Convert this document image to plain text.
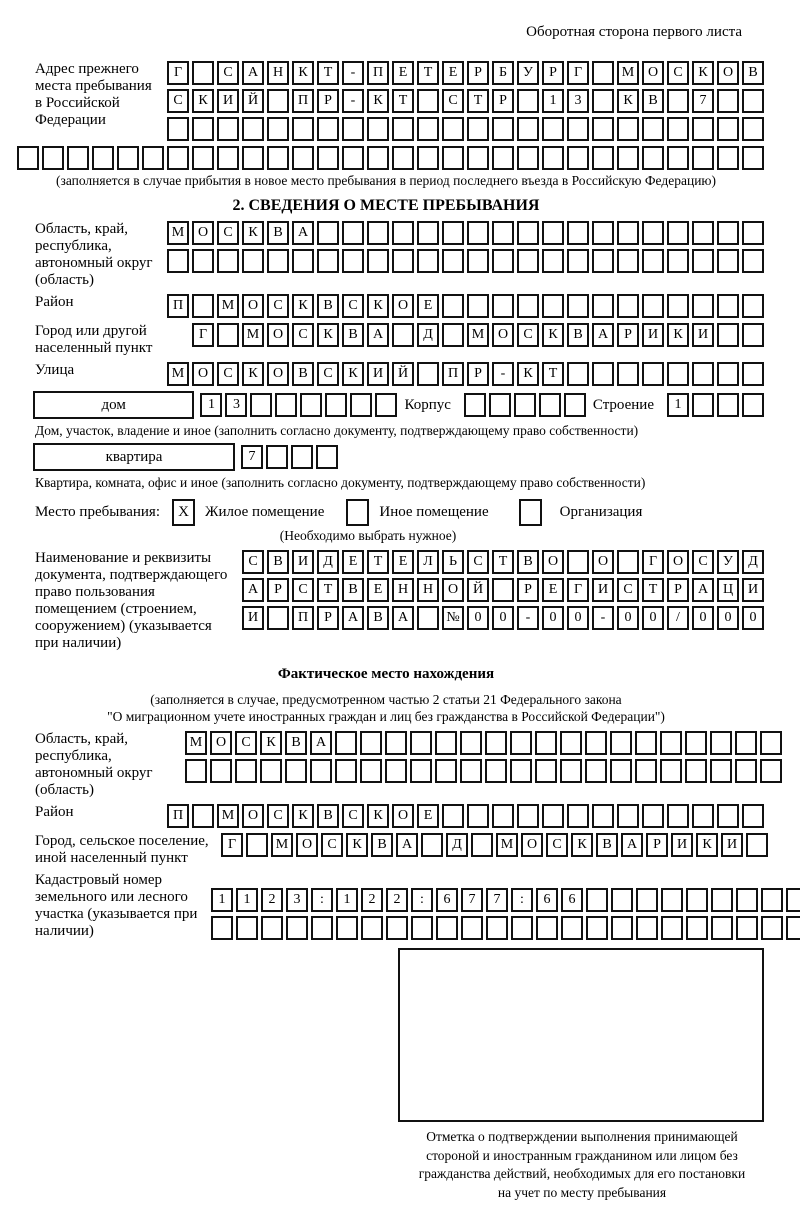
Оборотная сторона первого листа
Адрес прежнего места пребывания в Российской Федерации
Г	С	А	Н	К	Т	-	П	Е	Т	Е	Р	Б	У	Р	Г	М О	С	К	О	В
С	К	И	Й	П	Р	-	К	Т	С	Т	Р	1	3	К	В	7
(заполняется в случае прибытия в новое место пребывания в период последнего въезда в Российскую Федерацию)
2. СВЕДЕНИЯ О МЕСТЕ ПРЕБЫВАНИЯ
Область, край, республика, автономный округ (область)
М О	С	К	В	А
Район	П	М О	С	К	В	С	К	О	Е
Город или другой населенный пункт
Г	М О	С	К	В	А	Д	М О	С	К	В	А	Р	И	К	И
Улица	М О	С	К	О	В	С	К	И	Й	П	Р	-	К	Т
дом	1	3	Корпус	Строение	1
Дом, участок, владение и иное (заполнить согласно документу, подтверждающему право собственности)
квартира	7
Квартира, комната, офис и иное (заполнить согласно документу, подтверждающему право собственности)
Место пребывания:	X	Жилое помещение	Иное помещение	Организация
(Необходимо выбрать нужное)
Наименование и реквизиты документа, подтверждающего право пользования помещением (строением, сооружением) (указывается при наличии)
С	В	И	Д	Е	Т	Е	Л	Ь	С	Т	В	О	О	Г	О	С	У	Д
А	Р	С	Т	В	Е	Н	Н	О	Й	Р	Е	Г	И	С	Т	Р	А	Ц	И
И	П	Р	А	В	А	№	0	0	-	0	0	-	0	0	/	0	0	0
Фактическое место нахождения
(заполняется в случае, предусмотренном частью 2 статьи 21 Федерального закона
"О миграционном учете иностранных граждан и лиц без гражданства в Российской Федерации")
Область, край, республика, автономный округ (область)
М О	С	К	В	А
Район	П	М О	С	К	В	С	К	О	Е
Город, сельское поселение, иной населенный пункт
Г	М О	С	К	В	А	Д	М О	С	К	В	А	Р	И	К	И
Кадастровый номер земельного или лесного участка (указывается при наличии)
1	1	2	3	:	1	2	2	:	6	7	7	:	6	6
Отметка о подтверждении выполнения принимающей
стороной и иностранным гражданином или лицом без
гражданства действий, необходимых для его постановки
на учет по месту пребывания
